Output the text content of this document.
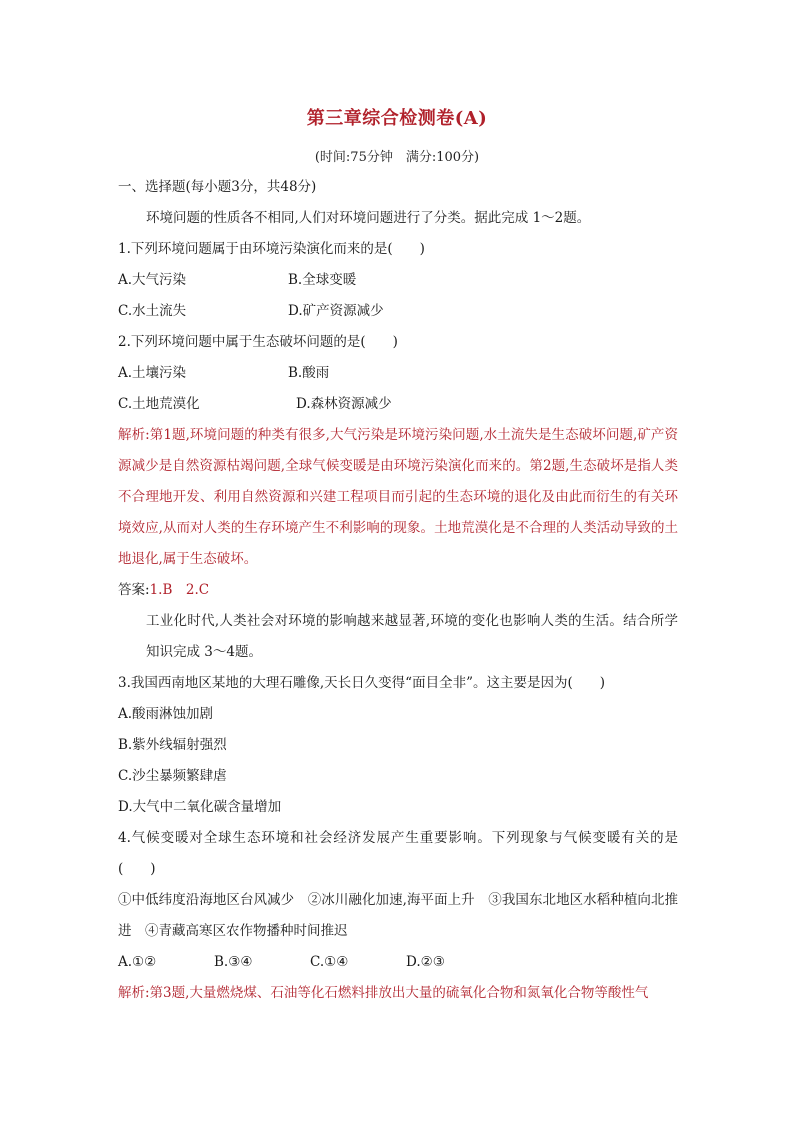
第三章综合检测卷(A)
(时间:75分钟　满分:100分)
一、选择题(每小题3分，共48分)
环境问题的性质各不相同,人们对环境问题进行了分类。据此完成 1～2题。
1.下列环境问题属于由环境污染演化而来的是(　　)
A.大气污染	B.全球变暖
C.水土流失	D.矿产资源减少
2.下列环境问题中属于生态破坏问题的是(　　)
A.土壤污染	B.酸雨
C.土地荒漠化	D.森林资源减少
解析:第1题,环境问题的种类有很多,大气污染是环境污染问题,水土流失是生态破坏问题,矿产资源减少是自然资源枯竭问题,全球气候变暖是由环境污染演化而来的。第2题,生态破坏是指人类不合理地开发、利用自然资源和兴建工程项目而引起的生态环境的退化及由此而衍生的有关环境效应,从而对人类的生存环境产生不利影响的现象。土地荒漠化是不合理的人类活动导致的土地退化,属于生态破坏。
答案:1.B　2.C
工业化时代,人类社会对环境的影响越来越显著,环境的变化也影响人类的生活。结合所学知识完成 3～4题。
3.我国西南地区某地的大理石雕像,天长日久变得“面目全非”。这主要是因为(　　)
A.酸雨淋蚀加剧
B.紫外线辐射强烈
C.沙尘暴频繁肆虐
D.大气中二氧化碳含量增加
4.气候变暖对全球生态环境和社会经济发展产生重要影响。下列现象与气候变暖有关的是(　　)
①中低纬度沿海地区台风减少　②冰川融化加速,海平面上升　③我国东北地区水稻种植向北推进　④青藏高寒区农作物播种时间推迟
A.①②	B.③④	C.①④	D.②③
解析:第3题,大量燃烧煤、石油等化石燃料排放出大量的硫氧化合物和氮氧化合物等酸性气
